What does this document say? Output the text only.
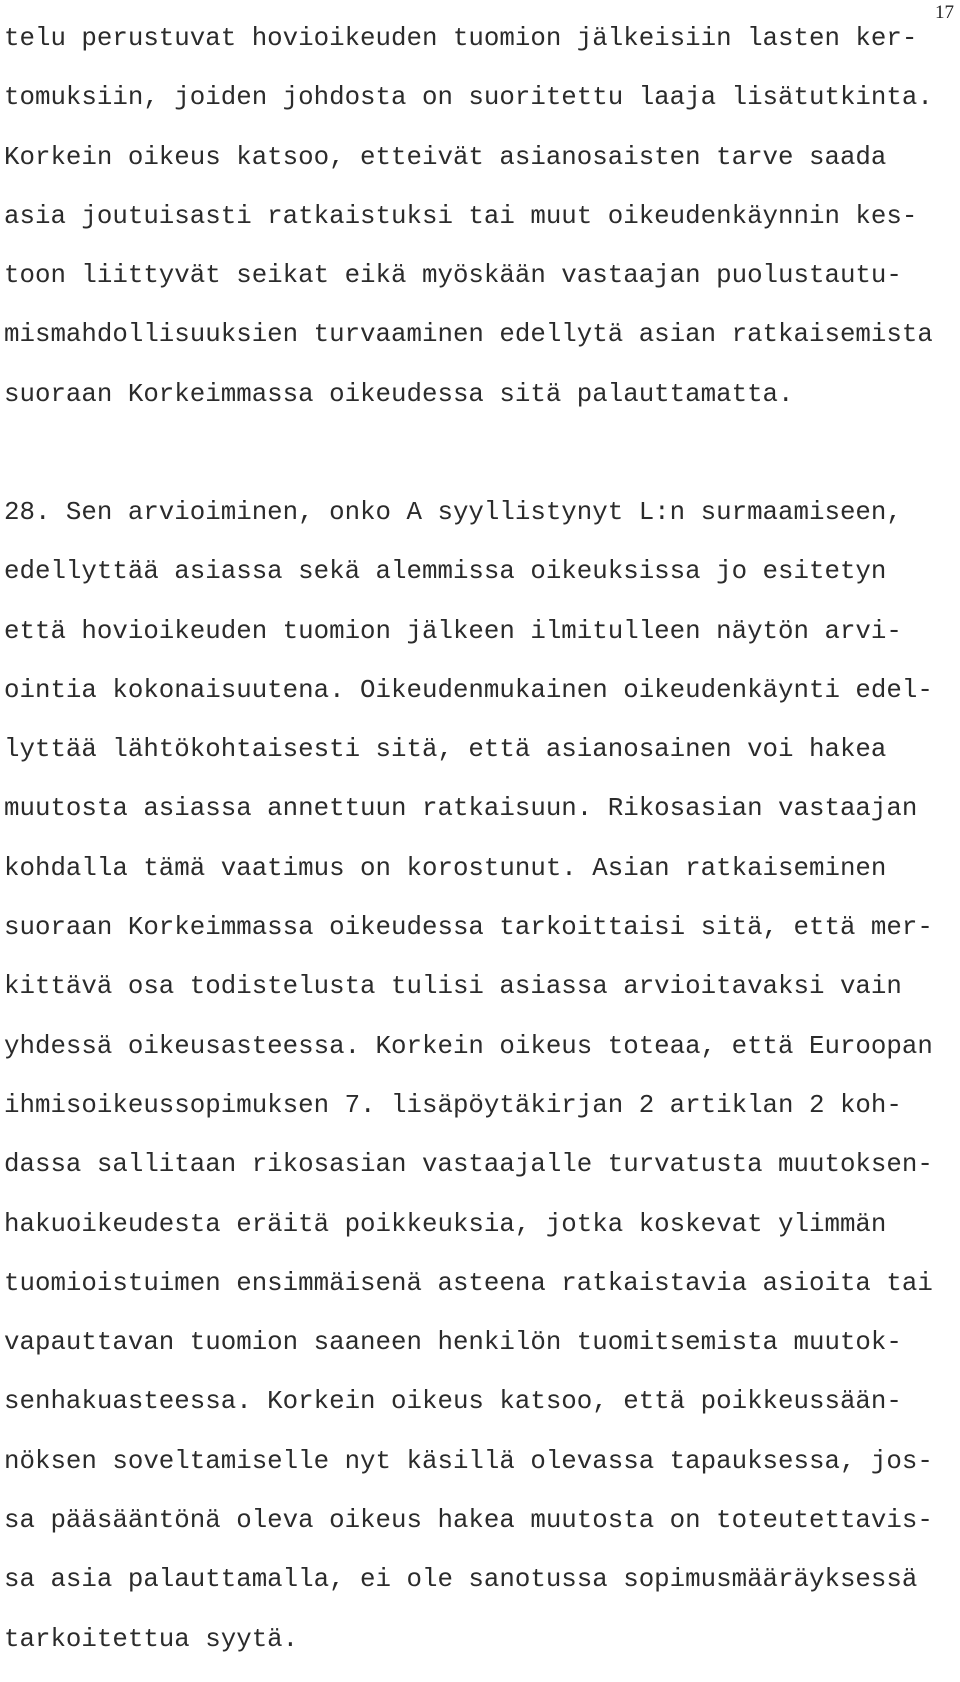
17
telu perustuvat hovioikeuden tuomion jälkeisiin lasten ker-
tomuksiin, joiden johdosta on suoritettu laaja lisätutkinta.
Korkein oikeus katsoo, etteivät asianosaisten tarve saada
asia joutuisasti ratkaistuksi tai muut oikeudenkäynnin kes-
toon liittyvät seikat eikä myöskään vastaajan puolustautu-
mismahdollisuuksien turvaaminen edellytä asian ratkaisemista
suoraan Korkeimmassa oikeudessa sitä palauttamatta.
28. Sen arvioiminen, onko A syyllistynyt L:n surmaamiseen,
edellyttää asiassa sekä alemmissa oikeuksissa jo esitetyn
että hovioikeuden tuomion jälkeen ilmitulleen näytön arvi-
ointia kokonaisuutena. Oikeudenmukainen oikeudenkäynti edel-
lyttää lähtökohtaisesti sitä, että asianosainen voi hakea
muutosta asiassa annettuun ratkaisuun. Rikosasian vastaajan
kohdalla tämä vaatimus on korostunut. Asian ratkaiseminen
suoraan Korkeimmassa oikeudessa tarkoittaisi sitä, että mer-
kittävä osa todistelusta tulisi asiassa arvioitavaksi vain
yhdessä oikeusasteessa. Korkein oikeus toteaa, että Euroopan
ihmisoikeussopimuksen 7. lisäpöytäkirjan 2 artiklan 2 koh-
dassa sallitaan rikosasian vastaajalle turvatusta muutoksen-
hakuoikeudesta eräitä poikkeuksia, jotka koskevat ylimmän
tuomioistuimen ensimmäisenä asteena ratkaistavia asioita tai
vapauttavan tuomion saaneen henkilön tuomitsemista muutok-
senhakuasteessa. Korkein oikeus katsoo, että poikkeussään-
nöksen soveltamiselle nyt käsillä olevassa tapauksessa, jos-
sa pääsääntönä oleva oikeus hakea muutosta on toteutettavis-
sa asia palauttamalla, ei ole sanotussa sopimusmääräyksessä
tarkoitettua syytä.
